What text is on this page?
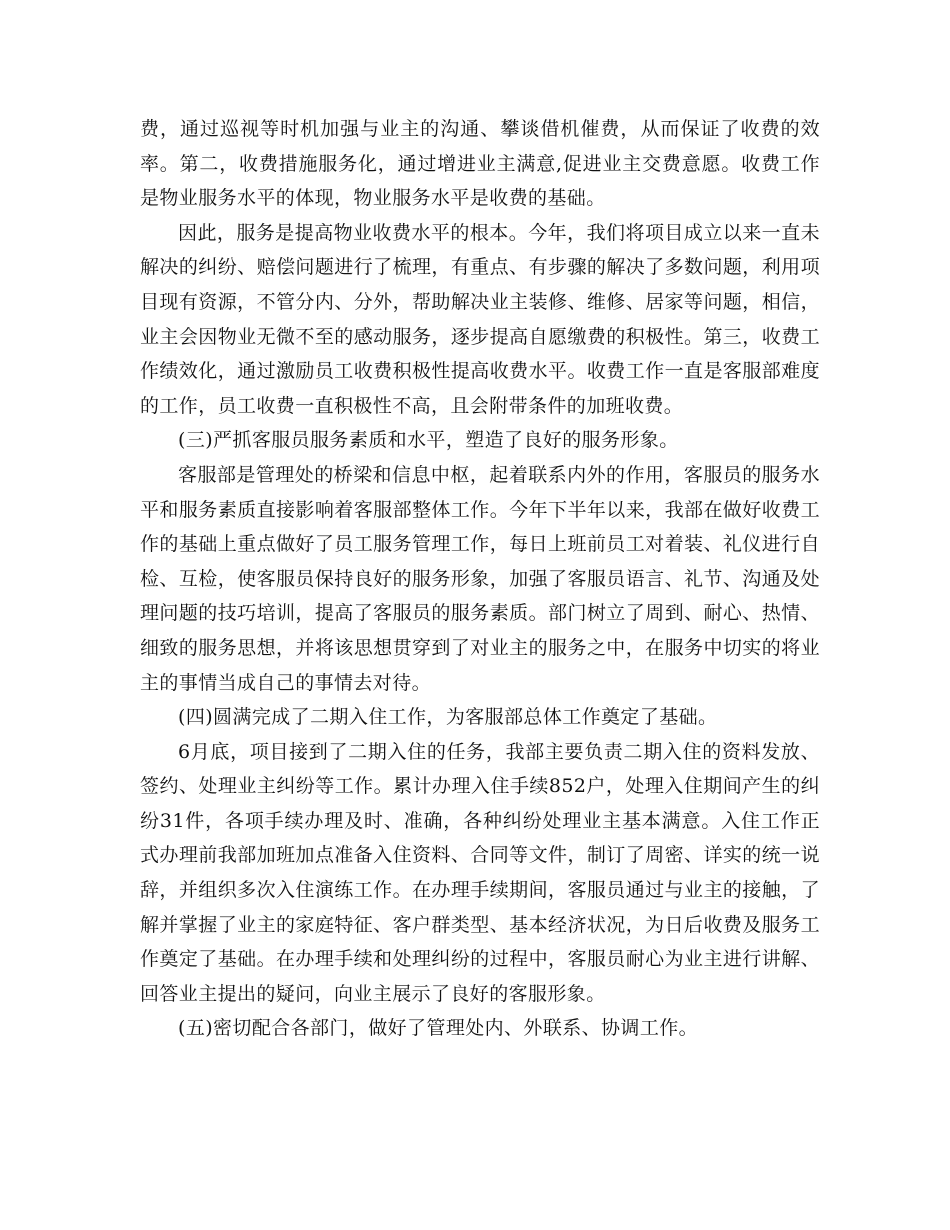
费，通过巡视等时机加强与业主的沟通、攀谈借机催费，从而保证了收费的效率。第二，收费措施服务化，通过增进业主满意,促进业主交费意愿。收费工作是物业服务水平的体现，物业服务水平是收费的基础。

因此，服务是提高物业收费水平的根本。今年，我们将项目成立以来一直未解决的纠纷、赔偿问题进行了梳理，有重点、有步骤的解决了多数问题，利用项目现有资源，不管分内、分外，帮助解决业主装修、维修、居家等问题，相信，业主会因物业无微不至的感动服务，逐步提高自愿缴费的积极性。第三，收费工作绩效化，通过激励员工收费积极性提高收费水平。收费工作一直是客服部难度的工作，员工收费一直积极性不高，且会附带条件的加班收费。

(三)严抓客服员服务素质和水平，塑造了良好的服务形象。

客服部是管理处的桥梁和信息中枢，起着联系内外的作用，客服员的服务水平和服务素质直接影响着客服部整体工作。今年下半年以来，我部在做好收费工作的基础上重点做好了员工服务管理工作，每日上班前员工对着装、礼仪进行自检、互检，使客服员保持良好的服务形象，加强了客服员语言、礼节、沟通及处理问题的技巧培训，提高了客服员的服务素质。部门树立了周到、耐心、热情、细致的服务思想，并将该思想贯穿到了对业主的服务之中，在服务中切实的将业主的事情当成自己的事情去对待。

(四)圆满完成了二期入住工作，为客服部总体工作奠定了基础。

6月底，项目接到了二期入住的任务，我部主要负责二期入住的资料发放、签约、处理业主纠纷等工作。累计办理入住手续852户，处理入住期间产生的纠纷31件，各项手续办理及时、准确，各种纠纷处理业主基本满意。入住工作正式办理前我部加班加点准备入住资料、合同等文件，制订了周密、详实的统一说辞，并组织多次入住演练工作。在办理手续期间，客服员通过与业主的接触，了解并掌握了业主的家庭特征、客户群类型、基本经济状况，为日后收费及服务工作奠定了基础。在办理手续和处理纠纷的过程中，客服员耐心为业主进行讲解、回答业主提出的疑问，向业主展示了良好的客服形象。

(五)密切配合各部门，做好了管理处内、外联系、协调工作。
